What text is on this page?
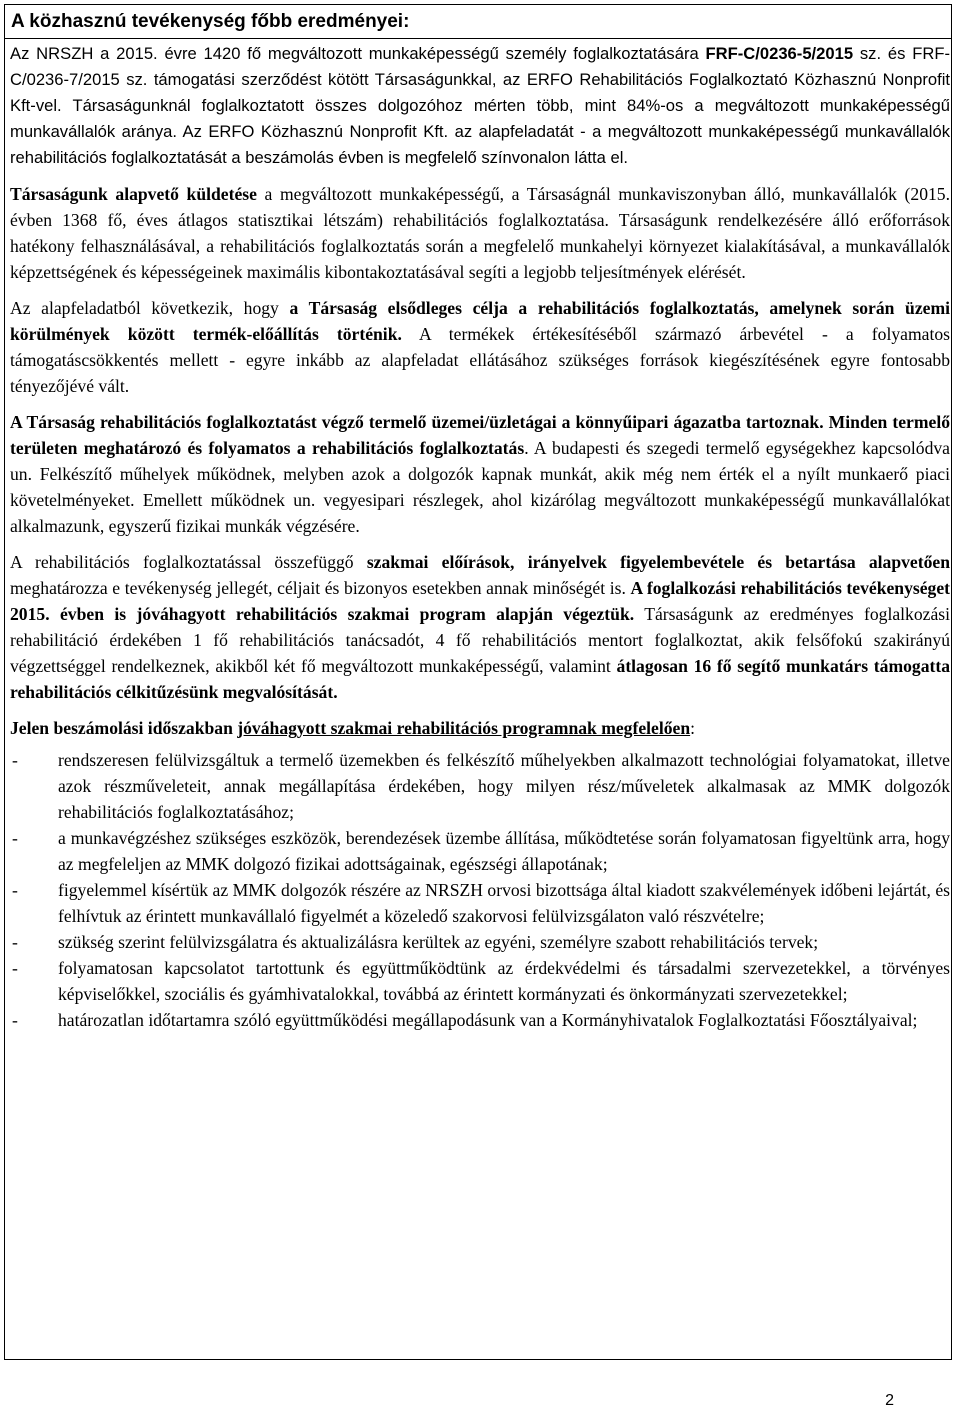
A közhasznú tevékenység főbb eredményei:

Az NRSZH a 2015. évre 1420 fő megváltozott munkaképességű személy foglalkoztatására FRF-C/0236-5/2015 sz. és FRF-C/0236-7/2015 sz. támogatási szerződést kötött Társaságunkkal, az ERFO Rehabilitációs Foglalkoztató Közhasznú Nonprofit Kft-vel. Társaságunknál foglalkoztatott összes dolgozóhoz mérten több, mint 84%-os a megváltozott munkaképességű munkavállalók aránya. Az ERFO Közhasznú Nonprofit Kft. az alapfeladatát - a megváltozott munkaképességű munkavállalók rehabilitációs foglalkoztatását a beszámolás évben is megfelelő színvonalon látta el.

Társaságunk alapvető küldetése a megváltozott munkaképességű, a Társaságnál munkaviszonyban álló, munkavállalók (2015. évben 1368 fő, éves átlagos statisztikai létszám) rehabilitációs foglalkoztatása. Társaságunk rendelkezésére álló erőforrások hatékony felhasználásával, a rehabilitációs foglalkoztatás során a megfelelő munkahelyi környezet kialakításával, a munkavállalók képzettségének és képességeinek maximális kibontakoztatásával segíti a legjobb teljesítmények elérését.

Az alapfeladatból következik, hogy a Társaság elsődleges célja a rehabilitációs foglalkoztatás, amelynek során üzemi körülmények között termék-előállítás történik. A termékek értékesítéséből származó árbevétel - a folyamatos támogatáscsökkentés mellett - egyre inkább az alapfeladat ellátásához szükséges források kiegészítésének egyre fontosabb tényezőjévé vált.

A Társaság rehabilitációs foglalkoztatást végző termelő üzemei/üzletágai a könnyűipari ágazatba tartoznak. Minden termelő területen meghatározó és folyamatos a rehabilitációs foglalkoztatás. A budapesti és szegedi termelő egységekhez kapcsolódva un. Felkészítő műhelyek működnek, melyben azok a dolgozók kapnak munkát, akik még nem érték el a nyílt munkaerő piaci követelményeket. Emellett működnek un. vegyesipari részlegek, ahol kizárólag megváltozott munkaképességű munkavállalókat alkalmazunk, egyszerű fizikai munkák végzésére.

A rehabilitációs foglalkoztatással összefüggő szakmai előírások, irányelvek figyelembevétele és betartása alapvetően meghatározza e tevékenység jellegét, céljait és bizonyos esetekben annak minőségét is. A foglalkozási rehabilitációs tevékenységet 2015. évben is jóváhagyott rehabilitációs szakmai program alapján végeztük. Társaságunk az eredményes foglalkozási rehabilitáció érdekében 1 fő rehabilitációs tanácsadót, 4 fő rehabilitációs mentort foglalkoztat, akik felsőfokú szakirányú végzettséggel rendelkeznek, akikből két fő megváltozott munkaképességű, valamint átlagosan 16 fő segítő munkatárs támogatta rehabilitációs célkitűzésünk megvalósítását.

Jelen beszámolási időszakban jóváhagyott szakmai rehabilitációs programnak megfelelően:

- rendszeresen felülvizsgáltuk a termelő üzemekben és felkészítő műhelyekben alkalmazott technológiai folyamatokat, illetve azok részműveleteit, annak megállapítása érdekében, hogy milyen rész/műveletek alkalmasak az MMK dolgozók rehabilitációs foglalkoztatásához;
- a munkavégzéshez szükséges eszközök, berendezések üzembe állítása, működtetése során folyamatosan figyeltünk arra, hogy az megfeleljen az MMK dolgozó fizikai adottságainak, egészségi állapotának;
- figyelemmel kísértük az MMK dolgozók részére az NRSZH orvosi bizottsága által kiadott szakvélemények időbeni lejártát, és felhívtuk az érintett munkavállaló figyelmét a közeledő szakorvosi felülvizsgálaton való részvételre;
- szükség szerint felülvizsgálatra és aktualizálásra kerültek az egyéni, személyre szabott rehabilitációs tervek;
- folyamatosan kapcsolatot tartottunk és együttműködtünk az érdekvédelmi és társadalmi szervezetekkel, a törvényes képviselőkkel, szociális és gyámhivatalokkal, továbbá az érintett kormányzati és önkormányzati szervezetekkel;
- határozatlan időtartamra szóló együttműködési megállapodásunk van a Kormányhivatalok Foglalkoztatási Főosztályaival;
2
